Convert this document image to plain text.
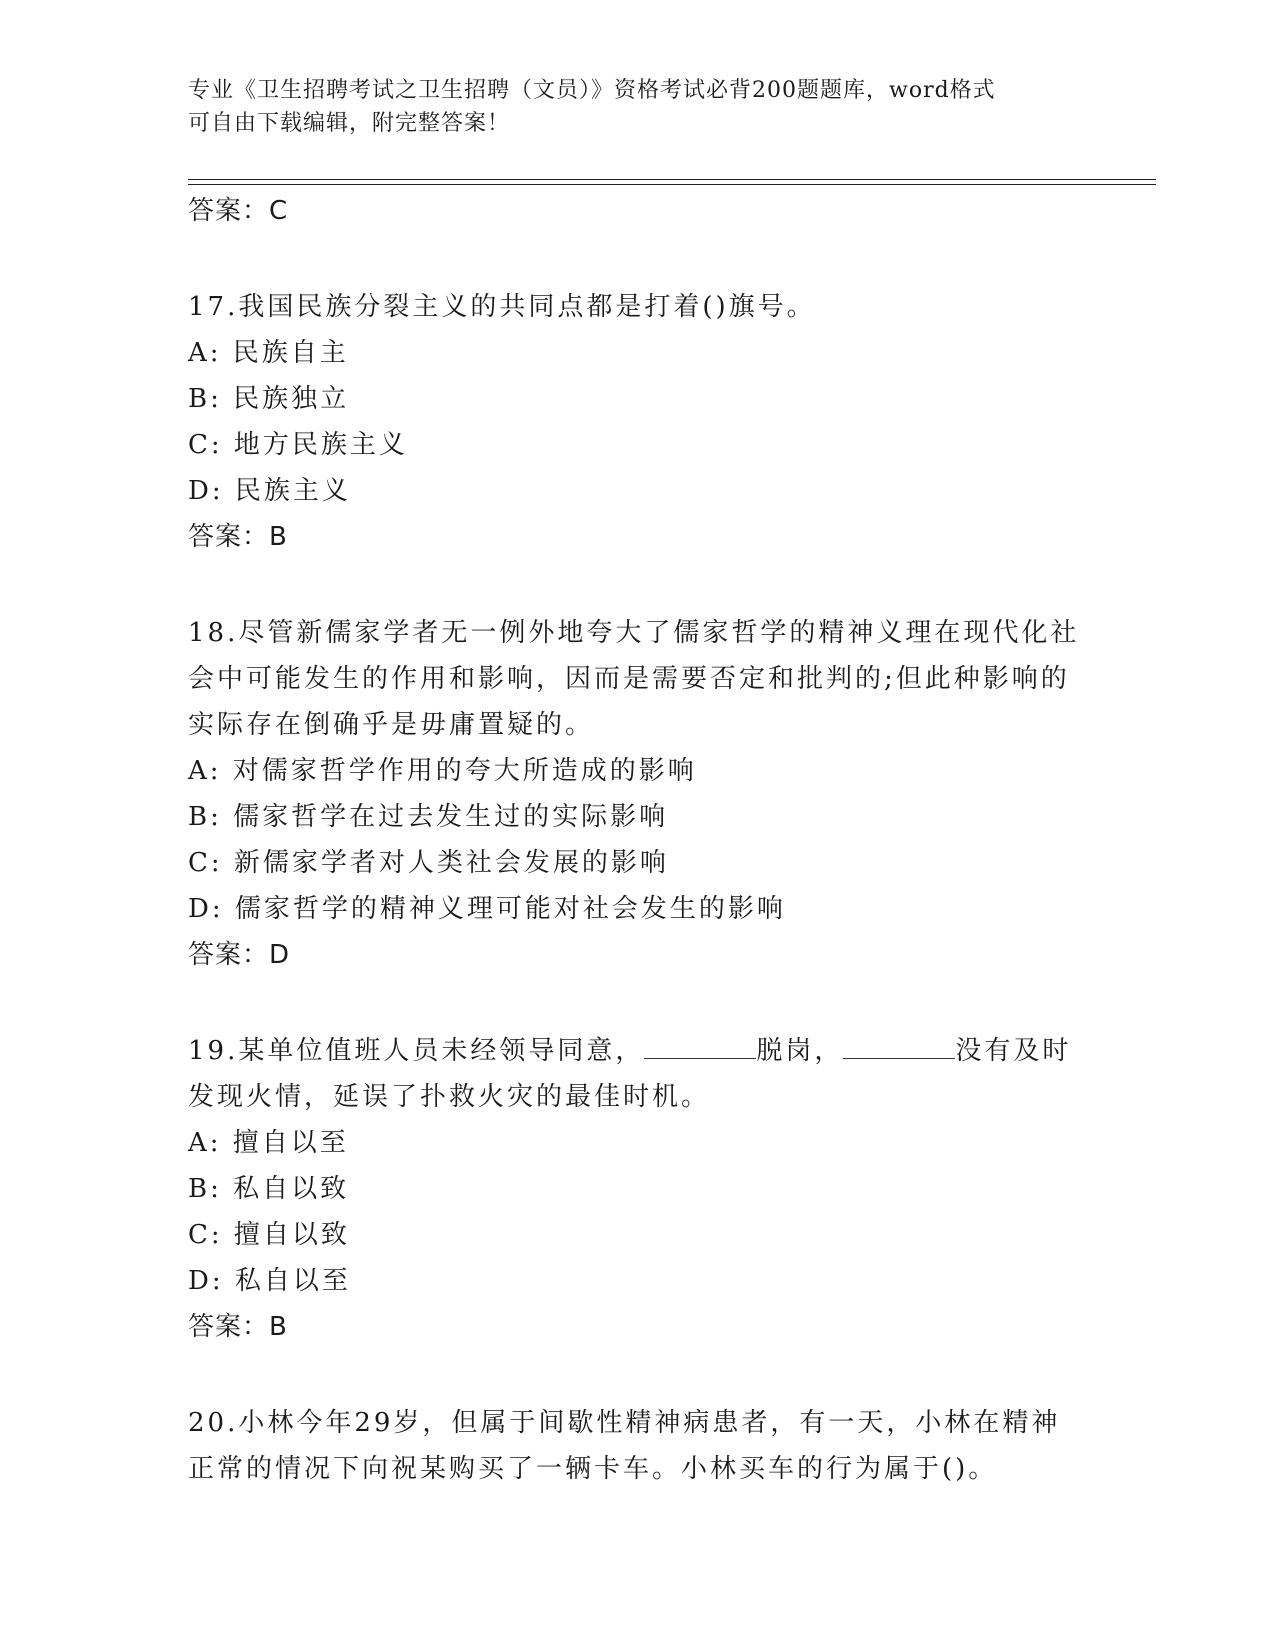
专业《卫生招聘考试之卫生招聘（文员）》资格考试必背200题题库，word格式
可自由下载编辑，附完整答案！

答案：C

17.我国民族分裂主义的共同点都是打着()旗号。

A: 民族自主

B: 民族独立

C: 地方民族主义

D: 民族主义

答案：B

18.尽管新儒家学者无一例外地夸大了儒家哲学的精神义理在现代化社

会中可能发生的作用和影响，因而是需要否定和批判的;但此种影响的

实际存在倒确乎是毋庸置疑的。

A: 对儒家哲学作用的夸大所造成的影响

B: 儒家哲学在过去发生过的实际影响

C: 新儒家学者对人类社会发展的影响

D: 儒家哲学的精神义理可能对社会发生的影响

答案：D

19.某单位值班人员未经领导同意，	脱岗，	没有及时

发现火情，延误了扑救火灾的最佳时机。

A: 擅自以至

B: 私自以致

C: 擅自以致

D: 私自以至

答案：B

20.小林今年29岁，但属于间歇性精神病患者，有一天，小林在精神

正常的情况下向祝某购买了一辆卡车。小林买车的行为属于()。
